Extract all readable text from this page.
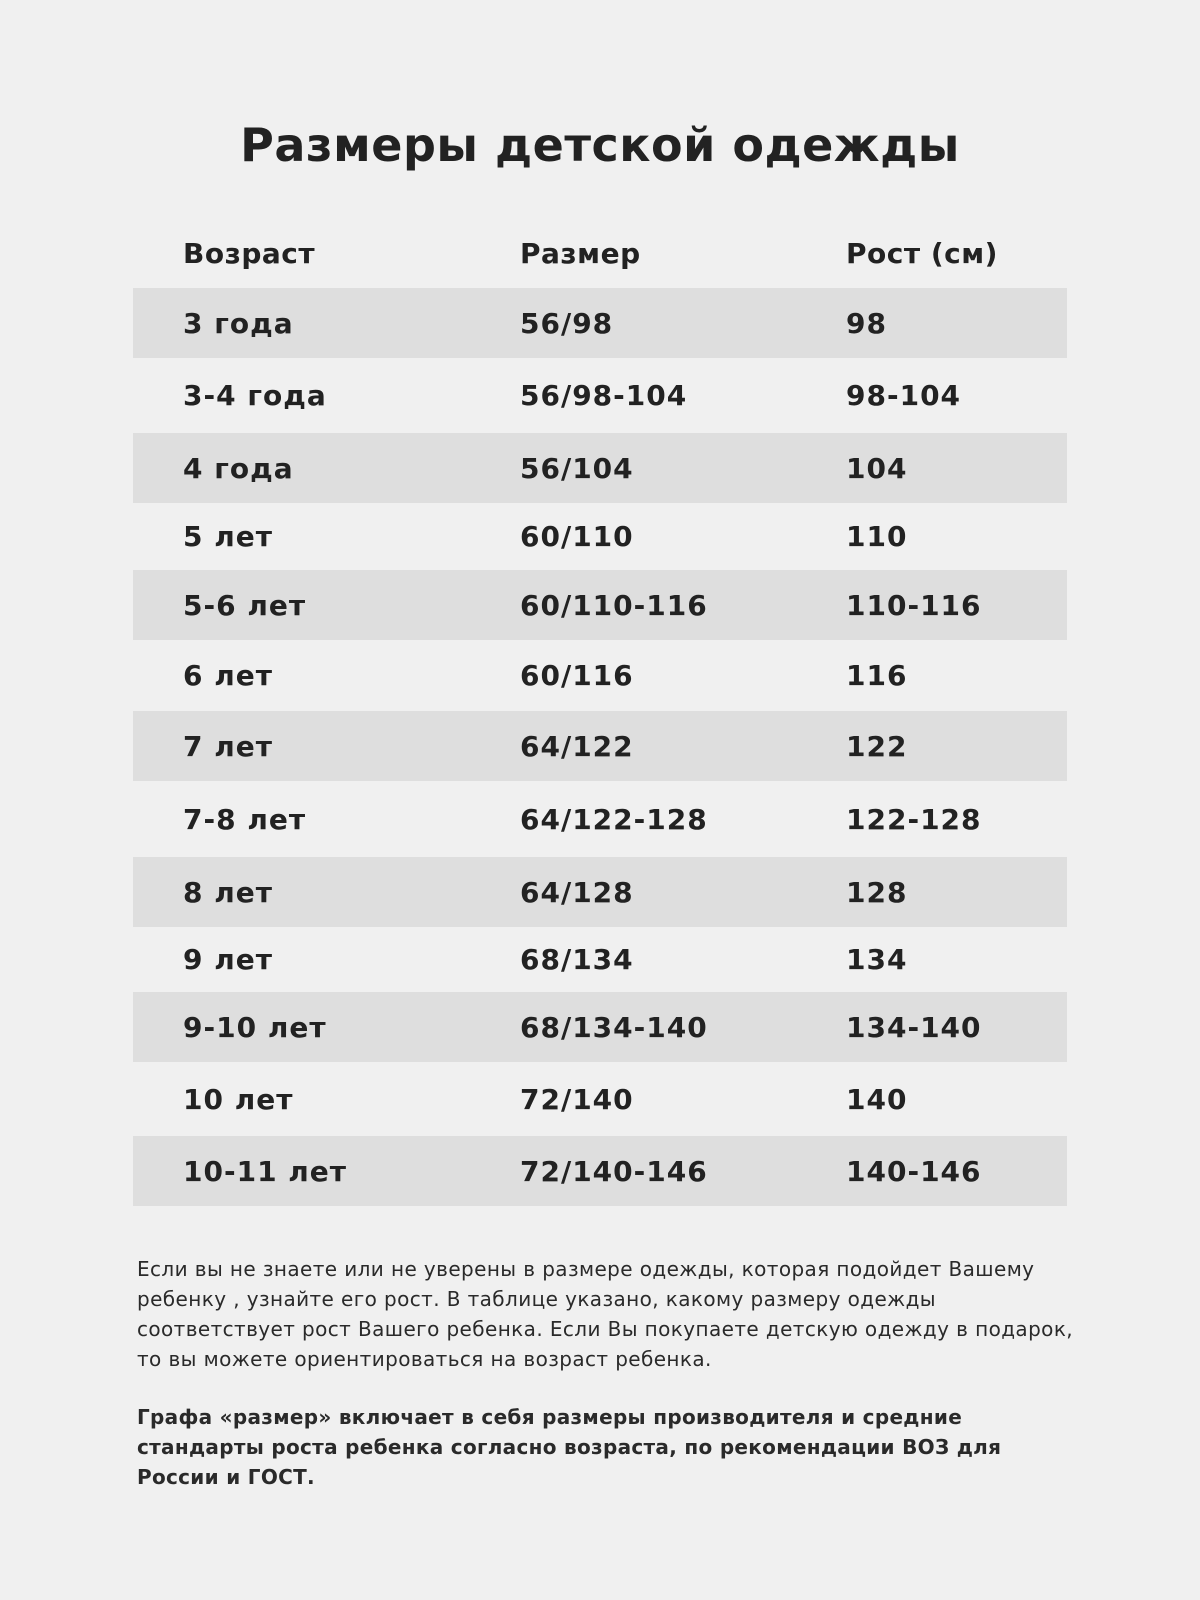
Размеры детской одежды
Возраст	Размер	Рост (см)
3 года	56/98	98
3-4 года	56/98-104	98-104
4 года	56/104	104
5 лет	60/110	110
5-6 лет	60/110-116	110-116
6 лет	60/116	116
7 лет	64/122	122
7-8 лет	64/122-128	122-128
8 лет	64/128	128
9 лет	68/134	134
9-10 лет	68/134-140	134-140
10 лет	72/140	140
10-11 лет	72/140-146	140-146

Если вы не знаете или не уверены в размере одежды, которая подойдет Вашему ребенку , узнайте его рост. В таблице указано, какому размеру одежды соответствует рост Вашего ребенка. Если Вы покупаете детскую одежду в подарок, то вы можете ориентироваться на возраст ребенка.

Графа «размер» включает в себя размеры производителя и средние стандарты роста ребенка согласно возраста, по рекомендации ВОЗ для России и ГОСТ.
